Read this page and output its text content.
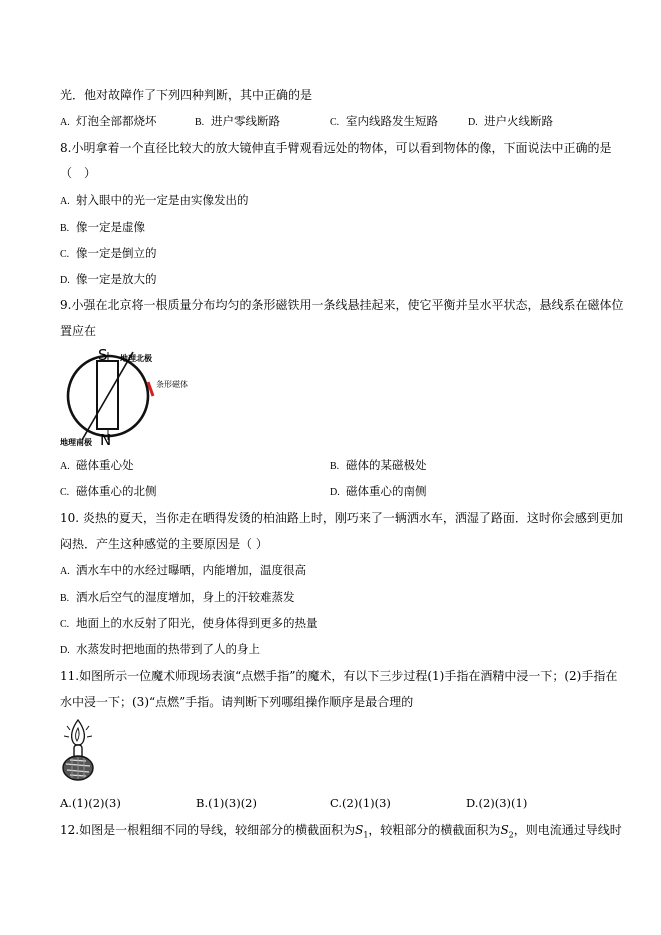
光．他对故障作了下列四种判断，其中正确的是
A. 灯泡全部都烧坏	B. 进户零线断路	C. 室内线路发生短路	D. 进户火线断路
8.小明拿着一个直径比较大的放大镜伸直手臂观看远处的物体，可以看到物体的像，下面说法中正确的是
（　）
A. 射入眼中的光一定是由实像发出的
B. 像一定是虚像
C. 像一定是倒立的
D. 像一定是放大的
9.小强在北京将一根质量分布均匀的条形磁铁用一条线悬挂起来，使它平衡并呈水平状态，悬线系在磁体位
置应在
S
N
地理北极
条形磁体
地理南极
A. 磁体重心处	B. 磁体的某磁极处
C. 磁体重心的北侧	D. 磁体重心的南侧
10. 炎热的夏天，当你走在晒得发烫的柏油路上时，刚巧来了一辆洒水车，洒湿了路面．这时你会感到更加
闷热．产生这种感觉的主要原因是（ ）
A. 洒水车中的水经过曝晒，内能增加，温度很高
B. 洒水后空气的湿度增加，身上的汗较难蒸发
C. 地面上的水反射了阳光，使身体得到更多的热量
D. 水蒸发时把地面的热带到了人的身上
11.如图所示一位魔术师现场表演“点燃手指”的魔术，有以下三步过程(1)手指在酒精中浸一下；(2)手指在
水中浸一下；(3)“点燃”手指。请判断下列哪组操作顺序是最合理的
A.(1)(2)(3)	B.(1)(3)(2)	C.(2)(1)(3)	D.(2)(3)(1)
12.如图是一根粗细不同的导线，较细部分的横截面积为$S_1$，较粗部分的横截面积为$S_2$，则电流通过导线时
